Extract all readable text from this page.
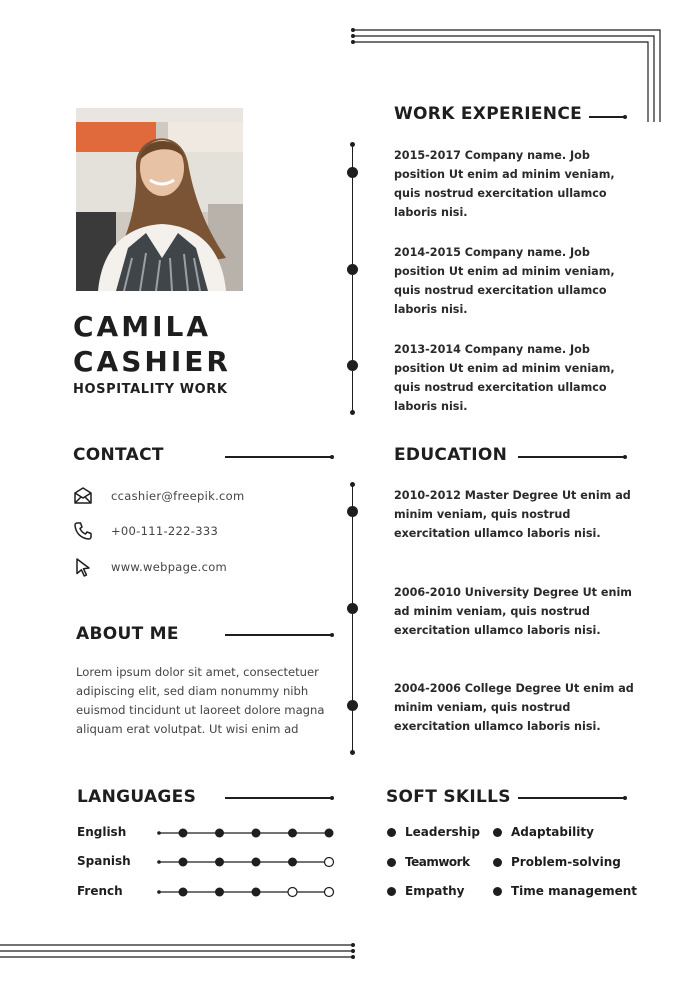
CAMILA
CASHIER
HOSPITALITY WORK
WORK EXPERIENCE
2015-2017 Company name. Job position Ut enim ad minim veniam, quis nostrud exercitation ullamco laboris nisi.
2014-2015 Company name. Job position Ut enim ad minim veniam, quis nostrud exercitation ullamco laboris nisi.
2013-2014 Company name. Job position Ut enim ad minim veniam, quis nostrud exercitation ullamco laboris nisi.
CONTACT
ccashier@freepik.com
+00-111-222-333
www.webpage.com
EDUCATION
2010-2012 Master Degree Ut enim ad minim veniam, quis nostrud exercitation ullamco laboris nisi.
2006-2010 University Degree Ut enim ad minim veniam, quis nostrud exercitation ullamco laboris nisi.
2004-2006 College Degree Ut enim ad minim veniam, quis nostrud exercitation ullamco laboris nisi.
ABOUT ME
Lorem ipsum dolor sit amet, consectetuer adipiscing elit, sed diam nonummy nibh euismod tincidunt ut laoreet dolore magna aliquam erat volutpat. Ut wisi enim ad
LANGUAGES
English
Spanish
French
SOFT SKILLS
Leadership	Adaptability
Teamwork	Problem-solving
Empathy	Time management
